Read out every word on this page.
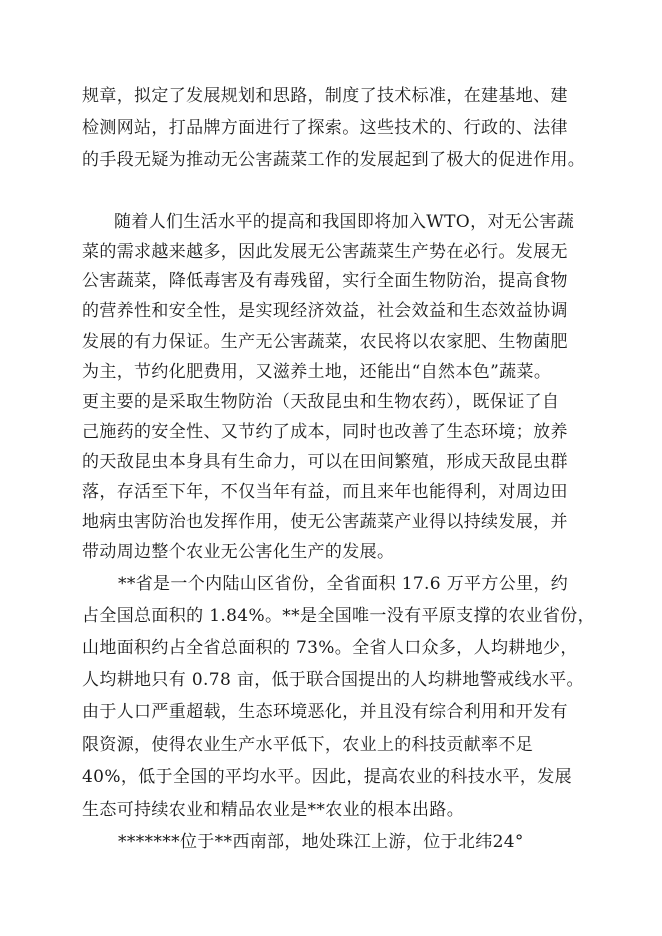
规章，拟定了发展规划和思路，制度了技术标准，在建基地、建
检测网站，打品牌方面进行了探索。这些技术的、行政的、法律
的手段无疑为推动无公害蔬菜工作的发展起到了极大的促进作用。
随着人们生活水平的提高和我国即将加入WTO，对无公害蔬
菜的需求越来越多，因此发展无公害蔬菜生产势在必行。发展无
公害蔬菜，降低毒害及有毒残留，实行全面生物防治，提高食物
的营养性和安全性，是实现经济效益，社会效益和生态效益协调
发展的有力保证。生产无公害蔬菜，农民将以农家肥、生物菌肥
为主，节约化肥费用，又滋养土地，还能出“自然本色”蔬菜。
更主要的是采取生物防治（天敌昆虫和生物农药），既保证了自
己施药的安全性、又节约了成本，同时也改善了生态环境；放养
的天敌昆虫本身具有生命力，可以在田间繁殖，形成天敌昆虫群
落，存活至下年，不仅当年有益，而且来年也能得利，对周边田
地病虫害防治也发挥作用，使无公害蔬菜产业得以持续发展，并
带动周边整个农业无公害化生产的发展。
**省是一个内陆山区省份，全省面积 17.6 万平方公里，约
占全国总面积的 1.84%。**是全国唯一没有平原支撑的农业省份，
山地面积约占全省总面积的 73%。全省人口众多，人均耕地少，
人均耕地只有 0.78 亩，低于联合国提出的人均耕地警戒线水平。
由于人口严重超载，生态环境恶化，并且没有综合利用和开发有
限资源，使得农业生产水平低下，农业上的科技贡献率不足
40%，低于全国的平均水平。因此，提高农业的科技水平，发展
生态可持续农业和精品农业是**农业的根本出路。
*******位于**西南部，地处珠江上游，位于北纬24°
